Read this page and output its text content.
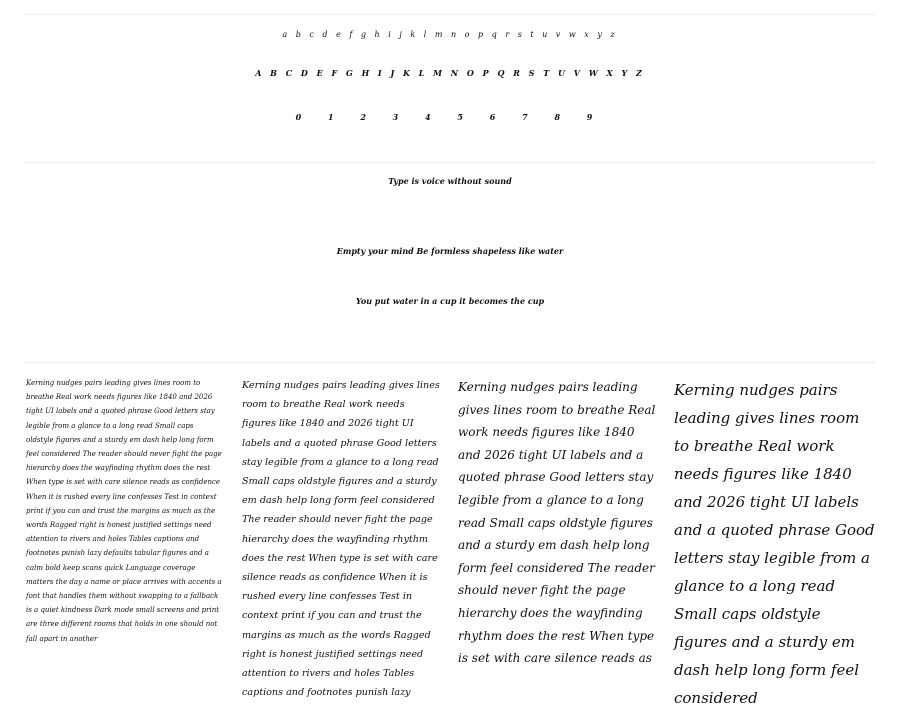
a b c d e f g h i j k l m n o p q r s t u v w x y z
A B C D E F G H I J K L M N O P Q R S T U V W X Y Z
0 1 2 3 4 5 6 7 8 9
Type is voice without sound
Empty your mind Be formless shapeless like water
You put water in a cup it becomes the cup
Kerning nudges pairs leading gives lines room to breathe Real work needs figures like 1840 and 2026 tight UI labels and a quoted phrase Good letters stay legible from a glance to a long read Small caps oldstyle figures and a sturdy em dash help long form feel considered The reader should never fight the page hierarchy does the wayfinding rhythm does the rest When type is set with care silence reads as confidence When it is rushed every line confesses Test in context print if you can and trust the margins as much as the words Ragged right is honest justified settings need attention to rivers and holes Tables captions and footnotes punish lazy defaults tabular figures and a calm bold keep scans quick Language coverage matters the day a name or place arrives with accents a font that handles them without swapping to a fallback is a quiet kindness Dark mode small screens and print are three different rooms that holds in one should not fall apart in another
Kerning nudges pairs leading gives lines room to breathe Real work needs figures like 1840 and 2026 tight UI labels and a quoted phrase Good letters stay legible from a glance to a long read Small caps oldstyle figures and a sturdy em dash help long form feel considered The reader should never fight the page hierarchy does the wayfinding rhythm does the rest When type is set with care silence reads as confidence When it is rushed every line confesses Test in context print if you can and trust the margins as much as the words Ragged right is honest justified settings need attention to rivers and holes Tables captions and footnotes punish lazy
Kerning nudges pairs leading gives lines room to breathe Real work needs figures like 1840 and 2026 tight UI labels and a quoted phrase Good letters stay legible from a glance to a long read Small caps oldstyle figures and a sturdy em dash help long form feel considered The reader should never fight the page hierarchy does the wayfinding rhythm does the rest When type is set with care silence reads as
Kerning nudges pairs leading gives lines room to breathe Real work needs figures like 1840 and 2026 tight UI labels and a quoted phrase Good letters stay legible from a glance to a long read Small caps oldstyle figures and a sturdy em dash help long form feel considered
